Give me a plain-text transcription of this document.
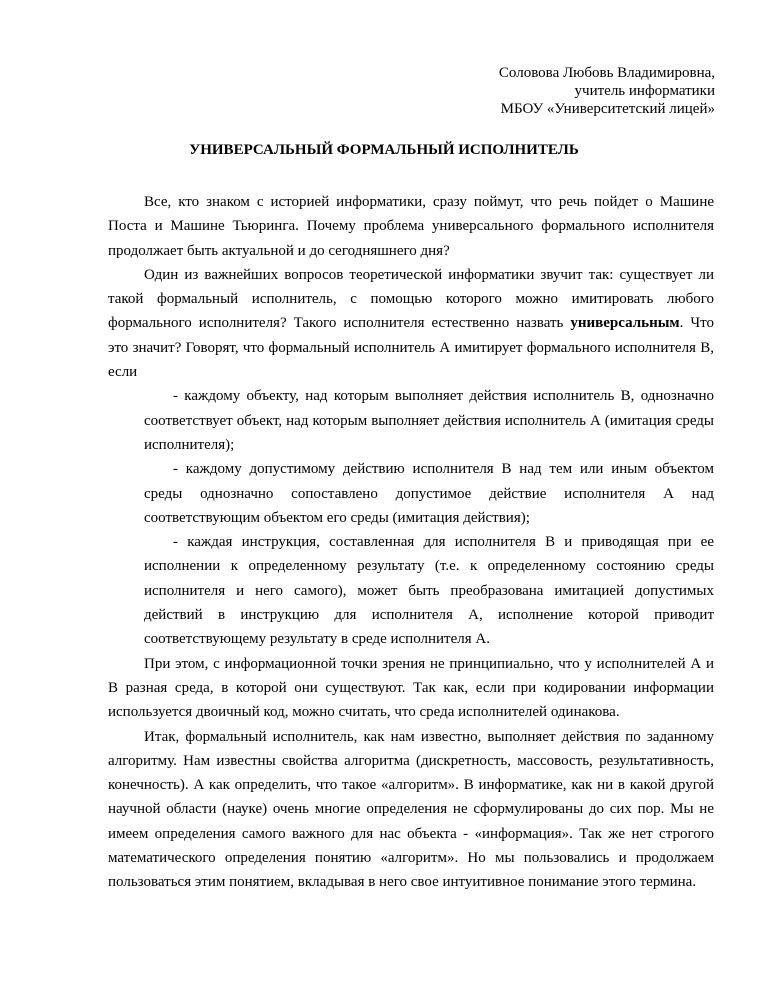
Соловова Любовь Владимировна,
учитель информатики
МБОУ «Университетский лицей»
УНИВЕРСАЛЬНЫЙ ФОРМАЛЬНЫЙ ИСПОЛНИТЕЛЬ

Все, кто знаком с историей информатики, сразу поймут, что речь пойдет о Машине Поста и Машине Тьюринга. Почему проблема универсального формального исполнителя продолжает быть актуальной и до сегодняшнего дня?

Один из важнейших вопросов теоретической информатики звучит так: существует ли такой формальный исполнитель, с помощью которого можно имитировать любого формального исполнителя? Такого исполнителя естественно назвать универсальным. Что это значит? Говорят, что формальный исполнитель А имитирует формального исполнителя В, если

- каждому объекту, над которым выполняет действия исполнитель В, однозначно соответствует объект, над которым выполняет действия исполнитель А (имитация среды исполнителя);

- каждому допустимому действию исполнителя В над тем или иным объектом среды однозначно сопоставлено допустимое действие исполнителя А над соответствующим объектом его среды (имитация действия);

- каждая инструкция, составленная для исполнителя В и приводящая при ее исполнении к определенному результату (т.е. к определенному состоянию среды исполнителя и него самого), может быть преобразована имитацией допустимых действий в инструкцию для исполнителя А, исполнение которой приводит соответствующему результату в среде исполнителя А.

При этом, с информационной точки зрения не принципиально, что у исполнителей А и В разная среда, в которой они существуют. Так как, если при кодировании информации используется двоичный код, можно считать, что среда исполнителей одинакова.

Итак, формальный исполнитель, как нам известно, выполняет действия по заданному алгоритму. Нам известны свойства алгоритма (дискретность, массовость, результативность, конечность). А как определить, что такое «алгоритм». В информатике, как ни в какой другой научной области (науке) очень многие определения не сформулированы до сих пор. Мы не имеем определения самого важного для нас объекта - «информация». Так же нет строгого математического определения понятию «алгоритм». Но мы пользовались и продолжаем пользоваться этим понятием, вкладывая в него свое интуитивное понимание этого термина.
